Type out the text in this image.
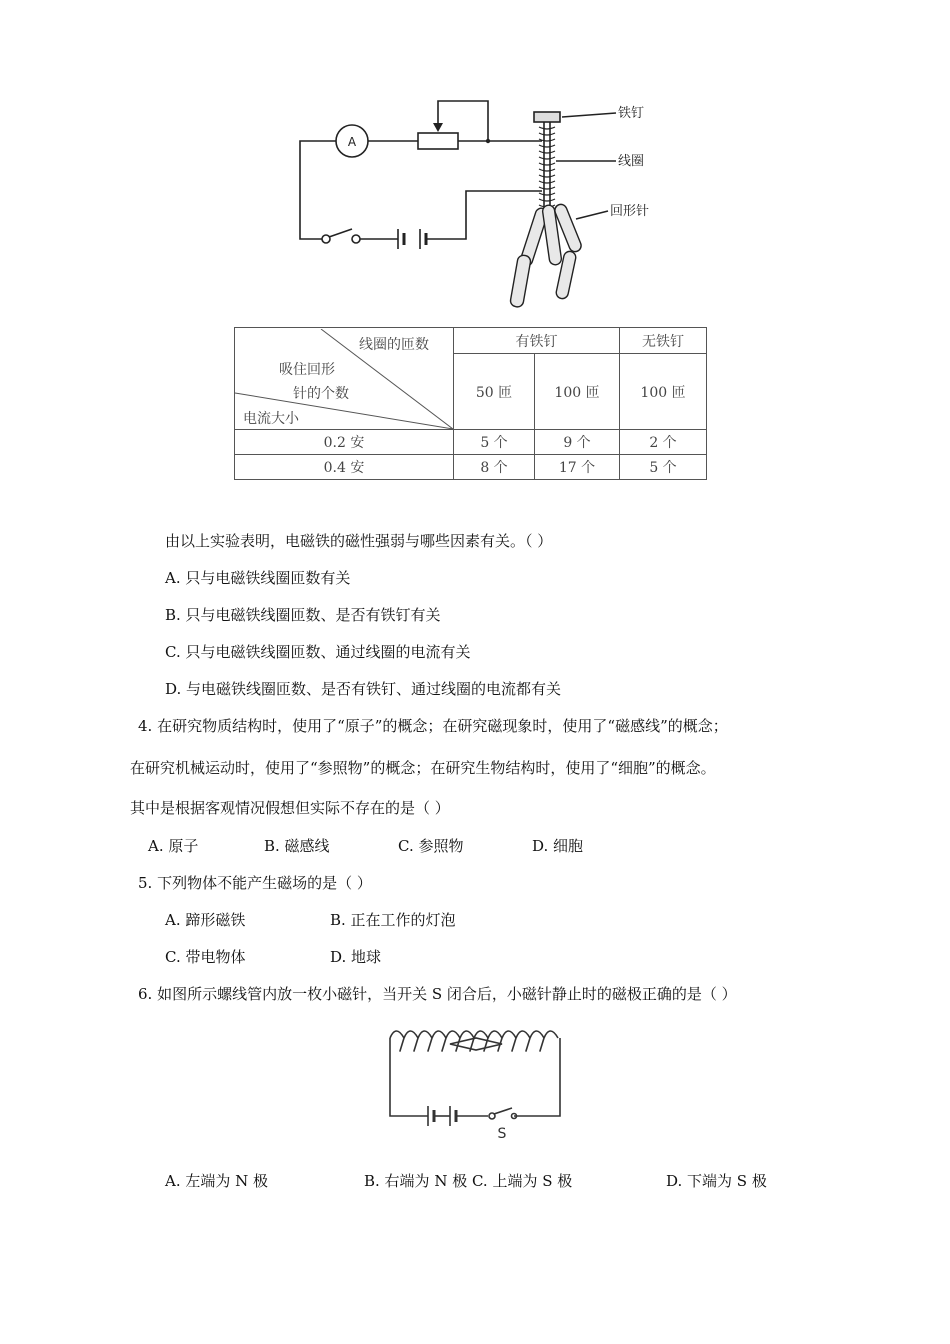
A
铁钉
线圈
回形针
线圈的匝数
吸住回形
针的个数
电流大小	有铁钉		无铁钉
	50 匝	100 匝	100 匝
0.2 安	5 个	9 个	2 个
0.4 安	8 个	17 个	5 个
由以上实验表明，电磁铁的磁性强弱与哪些因素有关。（ ）
A. 只与电磁铁线圈匝数有关
B. 只与电磁铁线圈匝数、是否有铁钉有关
C. 只与电磁铁线圈匝数、通过线圈的电流有关
D. 与电磁铁线圈匝数、是否有铁钉、通过线圈的电流都有关
4. 在研究物质结构时，使用了“原子”的概念；在研究磁现象时，使用了“磁感线”的概念；
在研究机械运动时，使用了“参照物”的概念；在研究生物结构时，使用了“细胞”的概念。
其中是根据客观情况假想但实际不存在的是（ ）
A. 原子	B. 磁感线	C. 参照物	D. 细胞
5. 下列物体不能产生磁场的是（ ）
A. 蹄形磁铁	B. 正在工作的灯泡
C. 带电物体	D. 地球
6. 如图所示螺线管内放一枚小磁针，当开关 S 闭合后，小磁针静止时的磁极正确的是（ ）
S
A. 左端为 N 极	B. 右端为 N 极 C. 上端为 S 极	D. 下端为 S 极
